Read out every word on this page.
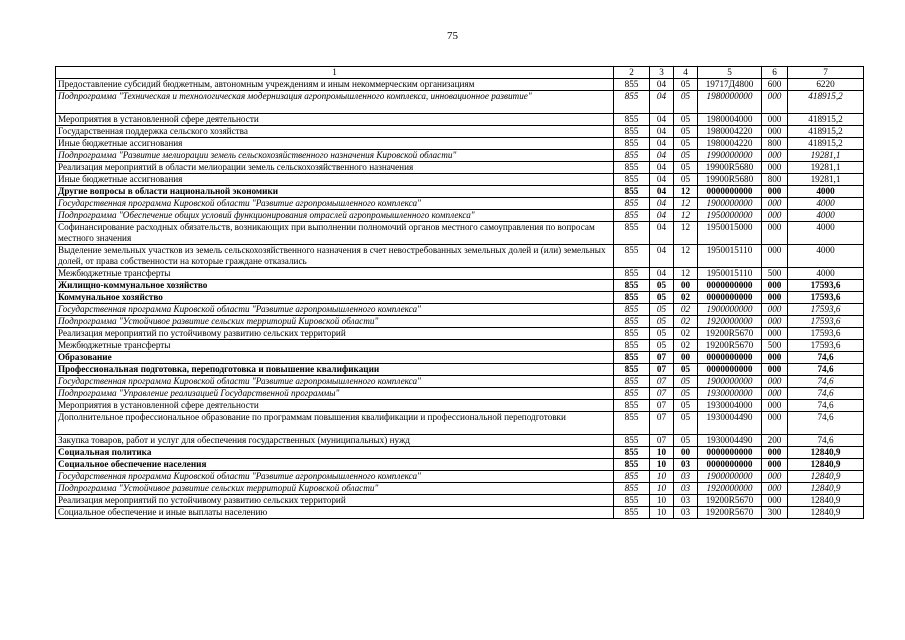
75
1	2	3	4	5	6	7
Предоставление субсидий бюджетным, автономным учреждениям и иным некоммерческим организациям	855	04	05	19717Д4800	600	6220
Подпрограмма "Техническая и технологическая модернизация агропромышленного комплекса, инновационное развитие"	855	04	05	1980000000	000	418915,2
Мероприятия в установленной сфере деятельности	855	04	05	1980004000	000	418915,2
Государственная поддержка сельского хозяйства	855	04	05	1980004220	000	418915,2
Иные бюджетные ассигнования	855	04	05	1980004220	800	418915,2
Подпрограмма "Развитие мелиорации земель сельскохозяйственного назначения Кировской области"	855	04	05	1990000000	000	19281,1
Реализация мероприятий в области мелиорации земель сельскохозяйственного назначения	855	04	05	19900R5680	000	19281,1
Иные бюджетные ассигнования	855	04	05	19900R5680	800	19281,1
Другие вопросы в области национальной экономики	855	04	12	0000000000	000	4000
Государственная программа Кировской области "Развитие агропромышленного комплекса"	855	04	12	1900000000	000	4000
Подпрограмма "Обеспечение общих условий функционирования отраслей агропромышленного комплекса"	855	04	12	1950000000	000	4000
Софинансирование расходных обязательств, возникающих при выполнении полномочий органов местного самоуправления по вопросам местного значения	855	04	12	1950015000	000	4000
Выделение земельных участков из земель сельскохозяйственного назначения в счет невостребованных земельных долей и (или) земельных долей, от права собственности на которые граждане отказались	855	04	12	1950015110	000	4000
Межбюджетные трансферты	855	04	12	1950015110	500	4000
Жилищно-коммунальное хозяйство	855	05	00	0000000000	000	17593,6
Коммунальное хозяйство	855	05	02	0000000000	000	17593,6
Государственная программа Кировской области "Развитие агропромышленного комплекса"	855	05	02	1900000000	000	17593,6
Подпрограмма "Устойчивое развитие сельских территорий Кировской области"	855	05	02	1920000000	000	17593,6
Реализация мероприятий по устойчивому развитию сельских территорий	855	05	02	19200R5670	000	17593,6
Межбюджетные трансферты	855	05	02	19200R5670	500	17593,6
Образование	855	07	00	0000000000	000	74,6
Профессиональная подготовка, переподготовка и повышение квалификации	855	07	05	0000000000	000	74,6
Государственная программа Кировской области "Развитие агропромышленного комплекса"	855	07	05	1900000000	000	74,6
Подпрограмма "Управление реализацией Государственной программы"	855	07	05	1930000000	000	74,6
Мероприятия в установленной сфере деятельности	855	07	05	1930004000	000	74,6
Дополнительное профессиональное образование по программам повышения квалификации и профессиональной переподготовки	855	07	05	1930004490	000	74,6
Закупка товаров, работ и услуг для обеспечения государственных (муниципальных) нужд	855	07	05	1930004490	200	74,6
Социальная политика	855	10	00	0000000000	000	12840,9
Социальное обеспечение населения	855	10	03	0000000000	000	12840,9
Государственная программа Кировской области "Развитие агропромышленного комплекса"	855	10	03	1900000000	000	12840,9
Подпрограмма "Устойчивое развитие сельских территорий Кировской области"	855	10	03	1920000000	000	12840,9
Реализация мероприятий по устойчивому развитию сельских территорий	855	10	03	19200R5670	000	12840,9
Социальное обеспечение и иные выплаты населению	855	10	03	19200R5670	300	12840,9
